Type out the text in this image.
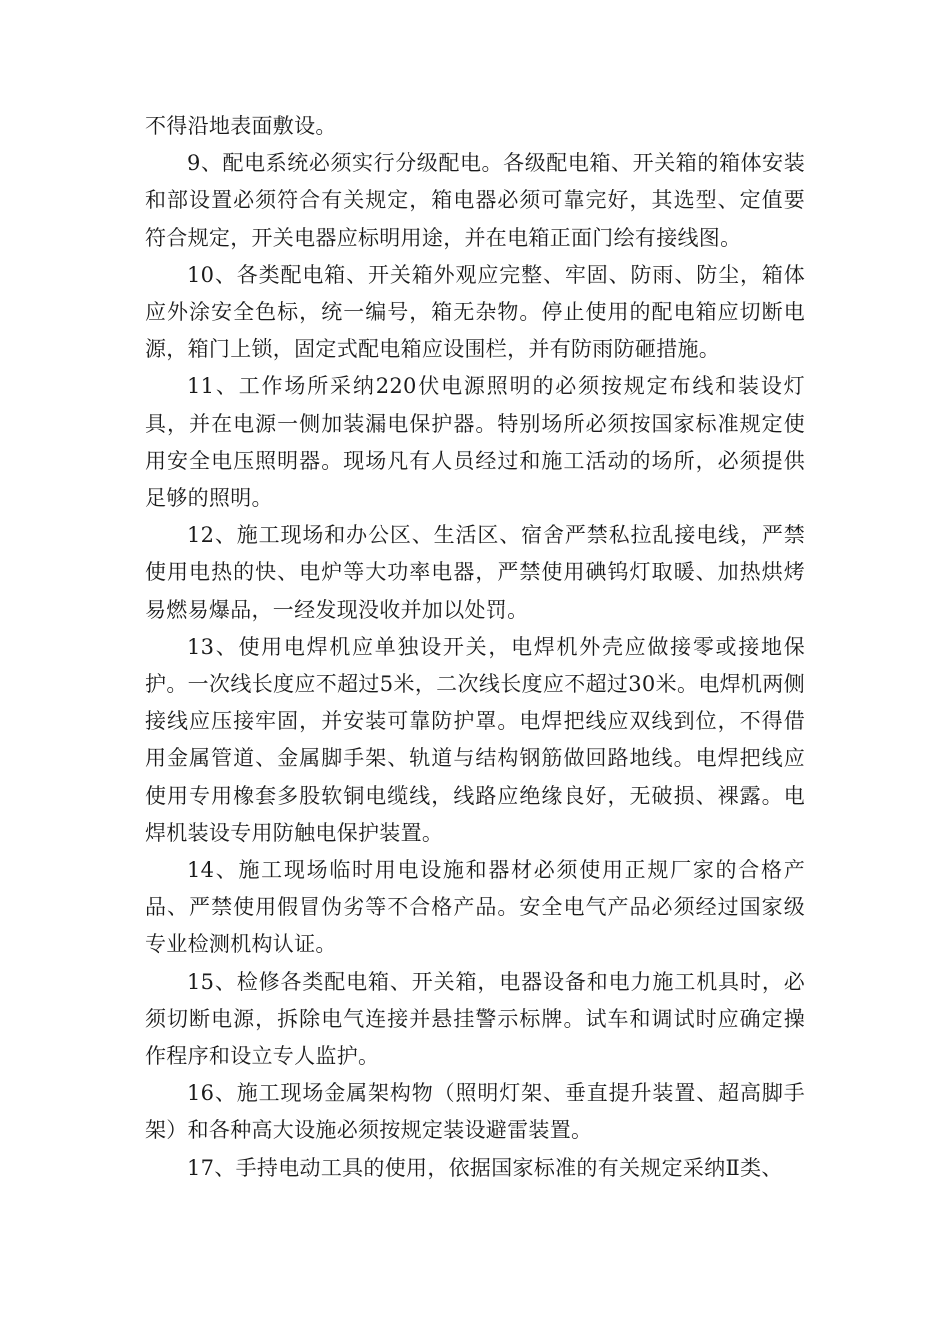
不得沿地表面敷设。

9、配电系统必须实行分级配电。各级配电箱、开关箱的箱体安装和部设置必须符合有关规定，箱电器必须可靠完好，其选型、定值要符合规定，开关电器应标明用途，并在电箱正面门绘有接线图。

10、各类配电箱、开关箱外观应完整、牢固、防雨、防尘，箱体应外涂安全色标，统一编号，箱无杂物。停止使用的配电箱应切断电源，箱门上锁，固定式配电箱应设围栏，并有防雨防砸措施。

11、工作场所采纳220伏电源照明的必须按规定布线和装设灯具，并在电源一侧加装漏电保护器。特别场所必须按国家标准规定使用安全电压照明器。现场凡有人员经过和施工活动的场所，必须提供足够的照明。

12、施工现场和办公区、生活区、宿舍严禁私拉乱接电线，严禁使用电热的快、电炉等大功率电器，严禁使用碘钨灯取暖、加热烘烤易燃易爆品，一经发现没收并加以处罚。

13、使用电焊机应单独设开关，电焊机外壳应做接零或接地保护。一次线长度应不超过5米，二次线长度应不超过30米。电焊机两侧接线应压接牢固，并安装可靠防护罩。电焊把线应双线到位，不得借用金属管道、金属脚手架、轨道与结构钢筋做回路地线。电焊把线应使用专用橡套多股软铜电缆线，线路应绝缘良好，无破损、裸露。电焊机装设专用防触电保护装置。

14、施工现场临时用电设施和器材必须使用正规厂家的合格产品、严禁使用假冒伪劣等不合格产品。安全电气产品必须经过国家级专业检测机构认证。

15、检修各类配电箱、开关箱，电器设备和电力施工机具时，必须切断电源，拆除电气连接并悬挂警示标牌。试车和调试时应确定操作程序和设立专人监护。

16、施工现场金属架构物（照明灯架、垂直提升装置、超高脚手架）和各种高大设施必须按规定装设避雷装置。

17、手持电动工具的使用，依据国家标准的有关规定采纳Ⅱ类、
